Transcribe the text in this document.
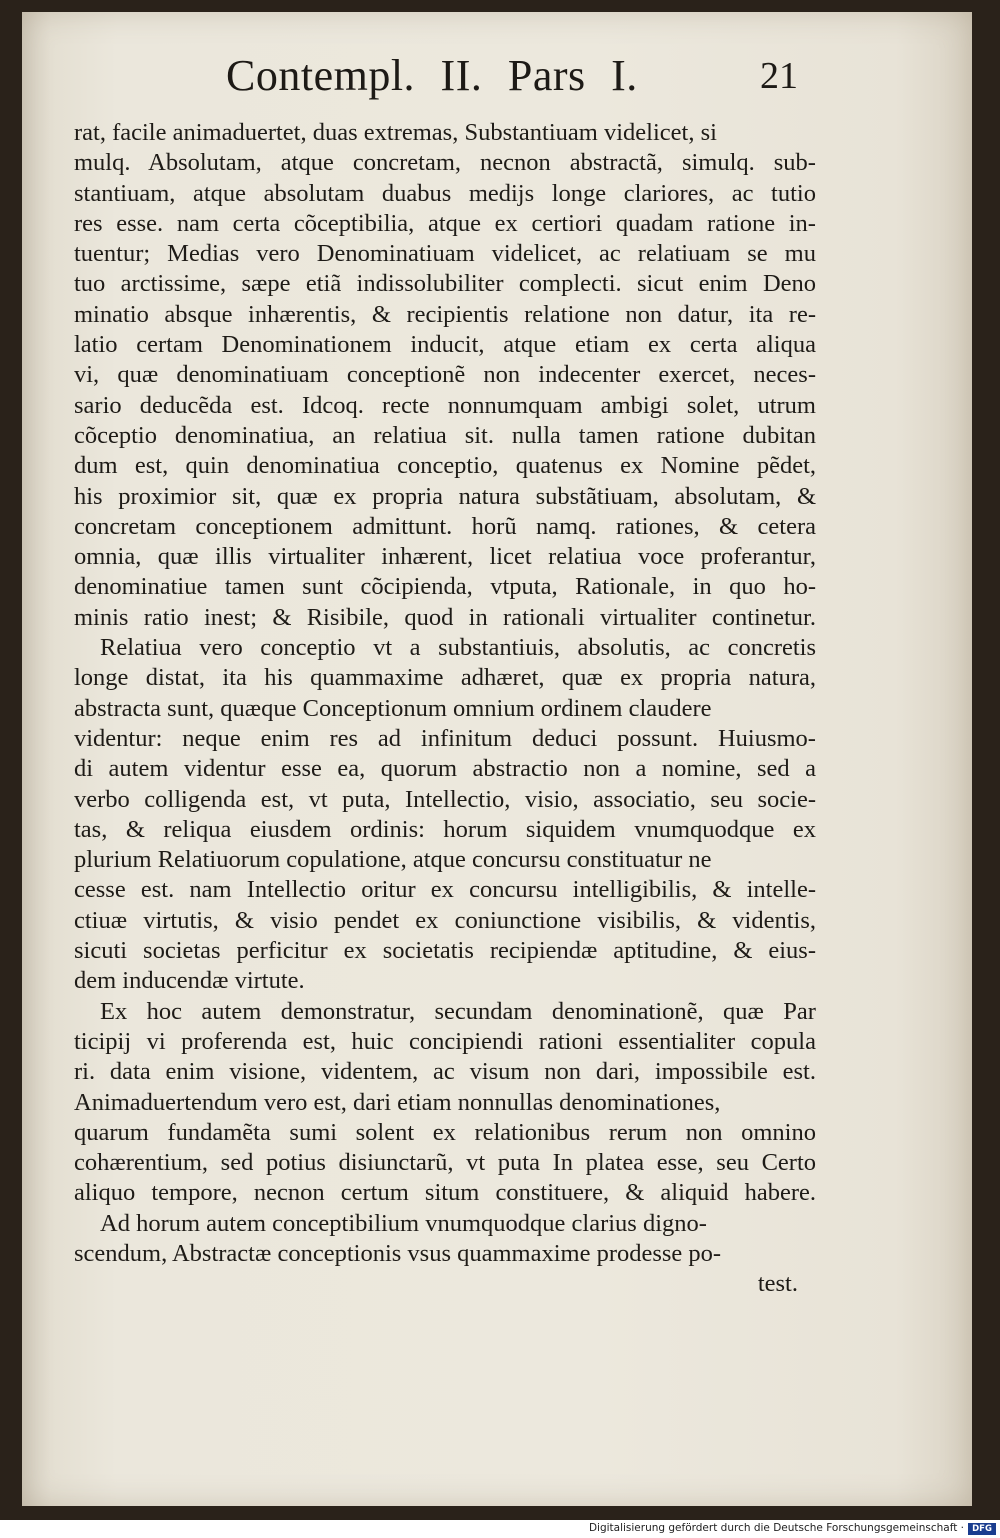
Contempl. II. Pars I.	21
rat, facile animaduertet, duas extremas, Substantiuam videlicet, si
mulq. Absolutam, atque concretam, necnon abstractã, simulq. sub-
stantiuam, atque absolutam duabus medijs longe clariores, ac tutio
res esse. nam certa cõceptibilia, atque ex certiori quadam ratione in-
tuentur; Medias vero Denominatiuam videlicet, ac relatiuam se mu
tuo arctissime, sæpe etiã indissolubiliter complecti. sicut enim Deno
minatio absque inhærentis, & recipientis relatione non datur, ita re-
latio certam Denominationem inducit, atque etiam ex certa aliqua
vi, quæ denominatiuam conceptionẽ non indecenter exercet, neces-
sario deducẽda est. Idcoq. recte nonnumquam ambigi solet, utrum
cõceptio denominatiua, an relatiua sit. nulla tamen ratione dubitan
dum est, quin denominatiua conceptio, quatenus ex Nomine pẽdet,
his proximior sit, quæ ex propria natura substãtiuam, absolutam, &
concretam conceptionem admittunt. horũ namq. rationes, & cetera
omnia, quæ illis virtualiter inhærent, licet relatiua voce proferantur,
denominatiue tamen sunt cõcipienda, vtputa, Rationale, in quo ho-
minis ratio inest; & Risibile, quod in rationali virtualiter continetur.
Relatiua vero conceptio vt a substantiuis, absolutis, ac concretis
longe distat, ita his quammaxime adhæret, quæ ex propria natura,
abstracta sunt, quæque Conceptionum omnium ordinem claudere
videntur: neque enim res ad infinitum deduci possunt. Huiusmo-
di autem videntur esse ea, quorum abstractio non a nomine, sed a
verbo colligenda est, vt puta, Intellectio, visio, associatio, seu socie-
tas, & reliqua eiusdem ordinis: horum siquidem vnumquodque ex
plurium Relatiuorum copulatione, atque concursu constituatur ne
cesse est. nam Intellectio oritur ex concursu intelligibilis, & intelle-
ctiuæ virtutis, & visio pendet ex coniunctione visibilis, & videntis,
sicuti societas perficitur ex societatis recipiendæ aptitudine, & eius-
dem inducendæ virtute.
Ex hoc autem demonstratur, secundam denominationẽ, quæ Par
ticipij vi proferenda est, huic concipiendi rationi essentialiter copula
ri. data enim visione, videntem, ac visum non dari, impossibile est.
Animaduertendum vero est, dari etiam nonnullas denominationes,
quarum fundamẽta sumi solent ex relationibus rerum non omnino
cohærentium, sed potius disiunctarũ, vt puta In platea esse, seu Certo
aliquo tempore, necnon certum situm constituere, & aliquid habere.
Ad horum autem conceptibilium vnumquodque clarius digno-
scendum, Abstractæ conceptionis vsus quammaxime prodesse po-
test.
Digitalisierung gefördert durch die Deutsche Forschungsgemeinschaft · DFG
